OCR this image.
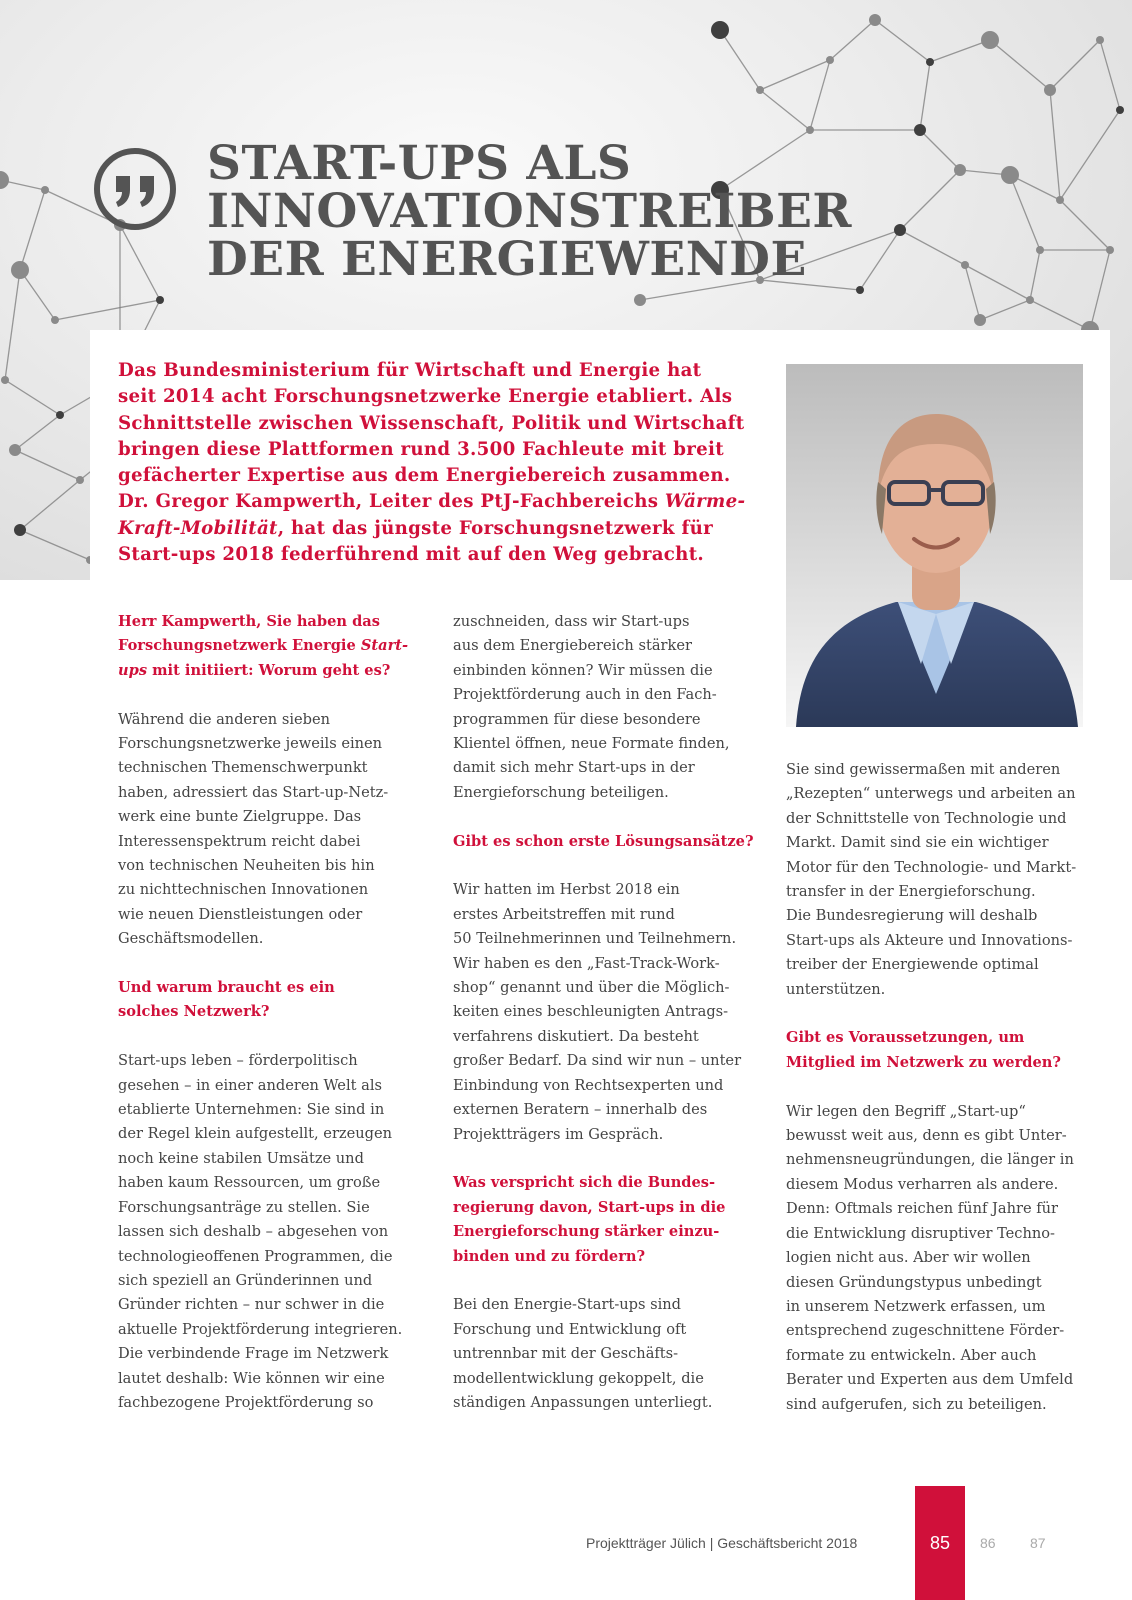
START-UPS ALS
INNOVATIONSTREIBER
DER ENERGIEWENDE
Das Bundesministerium für Wirtschaft und Energie hat
seit 2014 acht Forschungsnetzwerke Energie etabliert. Als
Schnittstelle zwischen Wissenschaft, Politik und Wirtschaft
bringen diese Plattformen rund 3.500 Fachleute mit breit
gefächerter Expertise aus dem Energiebereich zusammen.
Dr. Gregor Kampwerth, Leiter des PtJ-Fachbereichs Wärme-
Kraft-Mobilität, hat das jüngste Forschungsnetzwerk für
Start-ups 2018 federführend mit auf den Weg gebracht.
Herr Kampwerth, Sie haben das
Forschungsnetzwerk Energie Start-
ups mit initiiert: Worum geht es?
Während die anderen sieben
Forschungsnetzwerke jeweils einen
technischen Themenschwerpunkt
haben, adressiert das Start-up-Netz-
werk eine bunte Zielgruppe. Das
Interessenspektrum reicht dabei
von technischen Neuheiten bis hin
zu nichttechnischen Innovationen
wie neuen Dienstleistungen oder
Geschäftsmodellen.
Und warum braucht es ein
solches Netzwerk?
Start-ups leben – förderpolitisch
gesehen – in einer anderen Welt als
etablierte Unternehmen: Sie sind in
der Regel klein aufgestellt, erzeugen
noch keine stabilen Umsätze und
haben kaum Ressourcen, um große
Forschungsanträge zu stellen. Sie
lassen sich deshalb – abgesehen von
technologieoffenen Programmen, die
sich speziell an Gründerinnen und
Gründer richten – nur schwer in die
aktuelle Projektförderung integrieren.
Die verbindende Frage im Netzwerk
lautet deshalb: Wie können wir eine
fachbezogene Projektförderung so
zuschneiden, dass wir Start-ups
aus dem Energiebereich stärker
einbinden können? Wir müssen die
Projektförderung auch in den Fach-
programmen für diese besondere
Klientel öffnen, neue Formate finden,
damit sich mehr Start-ups in der
Energieforschung beteiligen.
Gibt es schon erste Lösungsansätze?
Wir hatten im Herbst 2018 ein
erstes Arbeitstreffen mit rund
50 Teilnehmerinnen und Teilnehmern.
Wir haben es den „Fast-Track-Work-
shop“ genannt und über die Möglich-
keiten eines beschleunigten Antrags-
verfahrens diskutiert. Da besteht
großer Bedarf. Da sind wir nun – unter
Einbindung von Rechtsexperten und
externen Beratern – innerhalb des
Projektträgers im Gespräch.
Was verspricht sich die Bundes-
regierung davon, Start-ups in die
Energieforschung stärker einzu-
binden und zu fördern?
Bei den Energie-Start-ups sind
Forschung und Entwicklung oft
untrennbar mit der Geschäfts-
modellentwicklung gekoppelt, die
ständigen Anpassungen unterliegt.
Sie sind gewissermaßen mit anderen
„Rezepten“ unterwegs und arbeiten an
der Schnittstelle von Technologie und
Markt. Damit sind sie ein wichtiger
Motor für den Technologie- und Markt-
transfer in der Energieforschung.
Die Bundesregierung will deshalb
Start-ups als Akteure und Innovations-
treiber der Energiewende optimal
unterstützen.
Gibt es Voraussetzungen, um
Mitglied im Netzwerk zu werden?
Wir legen den Begriff „Start-up“
bewusst weit aus, denn es gibt Unter-
nehmensneugründungen, die länger in
diesem Modus verharren als andere.
Denn: Oftmals reichen fünf Jahre für
die Entwicklung disruptiver Techno-
logien nicht aus. Aber wir wollen
diesen Gründungstypus unbedingt
in unserem Netzwerk erfassen, um
entsprechend zugeschnittene Förder-
formate zu entwickeln. Aber auch
Berater und Experten aus dem Umfeld
sind aufgerufen, sich zu beteiligen.
Projektträger Jülich | Geschäftsbericht 2018	85	86 87
